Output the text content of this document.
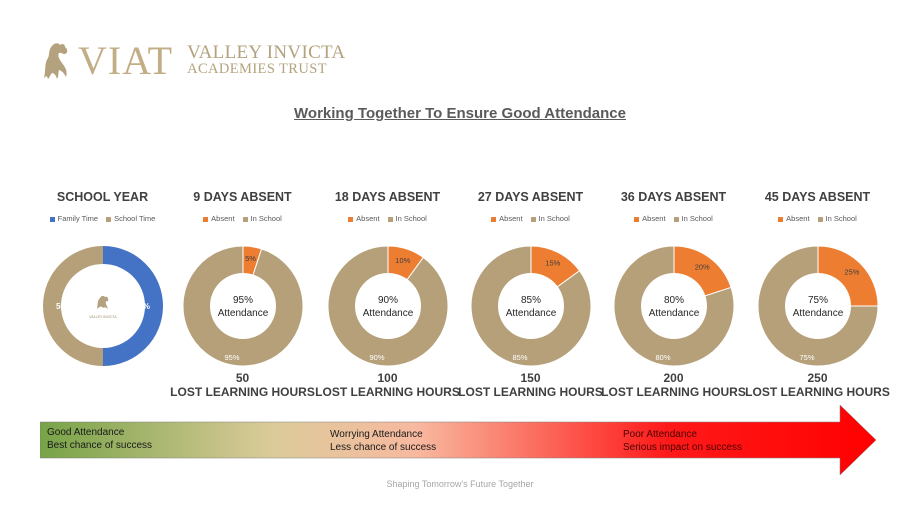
VIAT VALLEY INVICTA
ACADEMIES TRUST
Working Together To Ensure Good Attendance
SCHOOL YEAR
Family Time	School Time
VALLEY INVICTA
50%	50%
9 DAYS ABSENT
Absent	In School
5%
95%
95%
Attendance
50
LOST LEARNING HOURS
18 DAYS ABSENT
Absent	In School
10%
90%
90%
Attendance
100
LOST LEARNING HOURS
27 DAYS ABSENT
Absent	In School
15%
85%
85%
Attendance
150
LOST LEARNING HOURS
36 DAYS ABSENT
Absent	In School
20%
80%
80%
Attendance
200
LOST LEARNING HOURS
45 DAYS ABSENT
Absent	In School
25%
75%
75%
Attendance
250
LOST LEARNING HOURS
Good Attendance
Best chance of success
Worrying Attendance
Less chance of success
Poor Attendance
Serious impact on success
Shaping Tomorrow's Future Together
